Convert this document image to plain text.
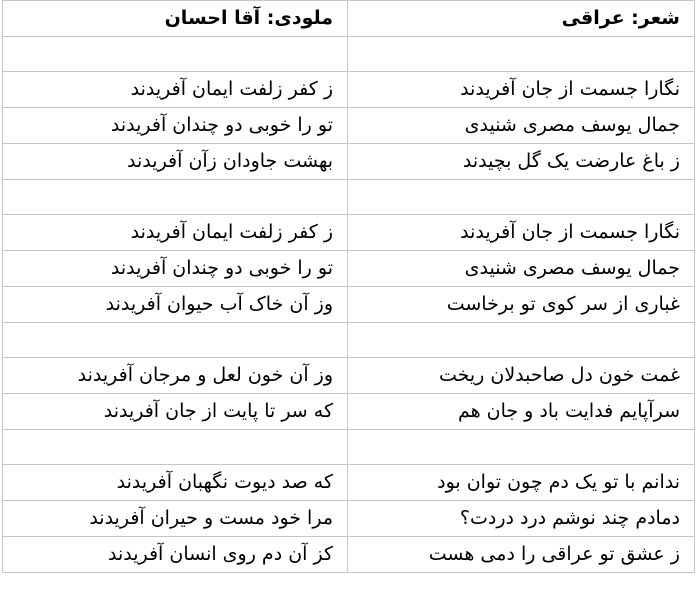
شعر: عراقی	ملودی: آقا احسان

نگارا جسمت از جان آفریدند	ز کفر زلفت ایمان آفریدند
جمال یوسف مصری شنیدی	تو را خوبی دو چندان آفریدند
ز باغ عارضت یک گل بچیدند	بهشت جاودان زآن آفریدند

نگارا جسمت از جان آفریدند	ز کفر زلفت ایمان آفریدند
جمال یوسف مصری شنیدی	تو را خوبی دو چندان آفریدند
غباری از سر کوی تو برخاست	وز آن خاک آب حیوان آفریدند

غمت خون دل صاحبدلان ریخت	وز آن خون لعل و مرجان آفریدند
سرآپایم فدایت باد و جان هم	که سر تا پایت از جان آفریدند

ندانم با تو یک دم چون توان بود	که صد دیوت نگهبان آفریدند
دمادم چند نوشم درد دردت؟	مرا خود مست و حیران آفریدند
ز عشق تو عراقی را دمی هست	کز آن دم روی انسان آفریدند
